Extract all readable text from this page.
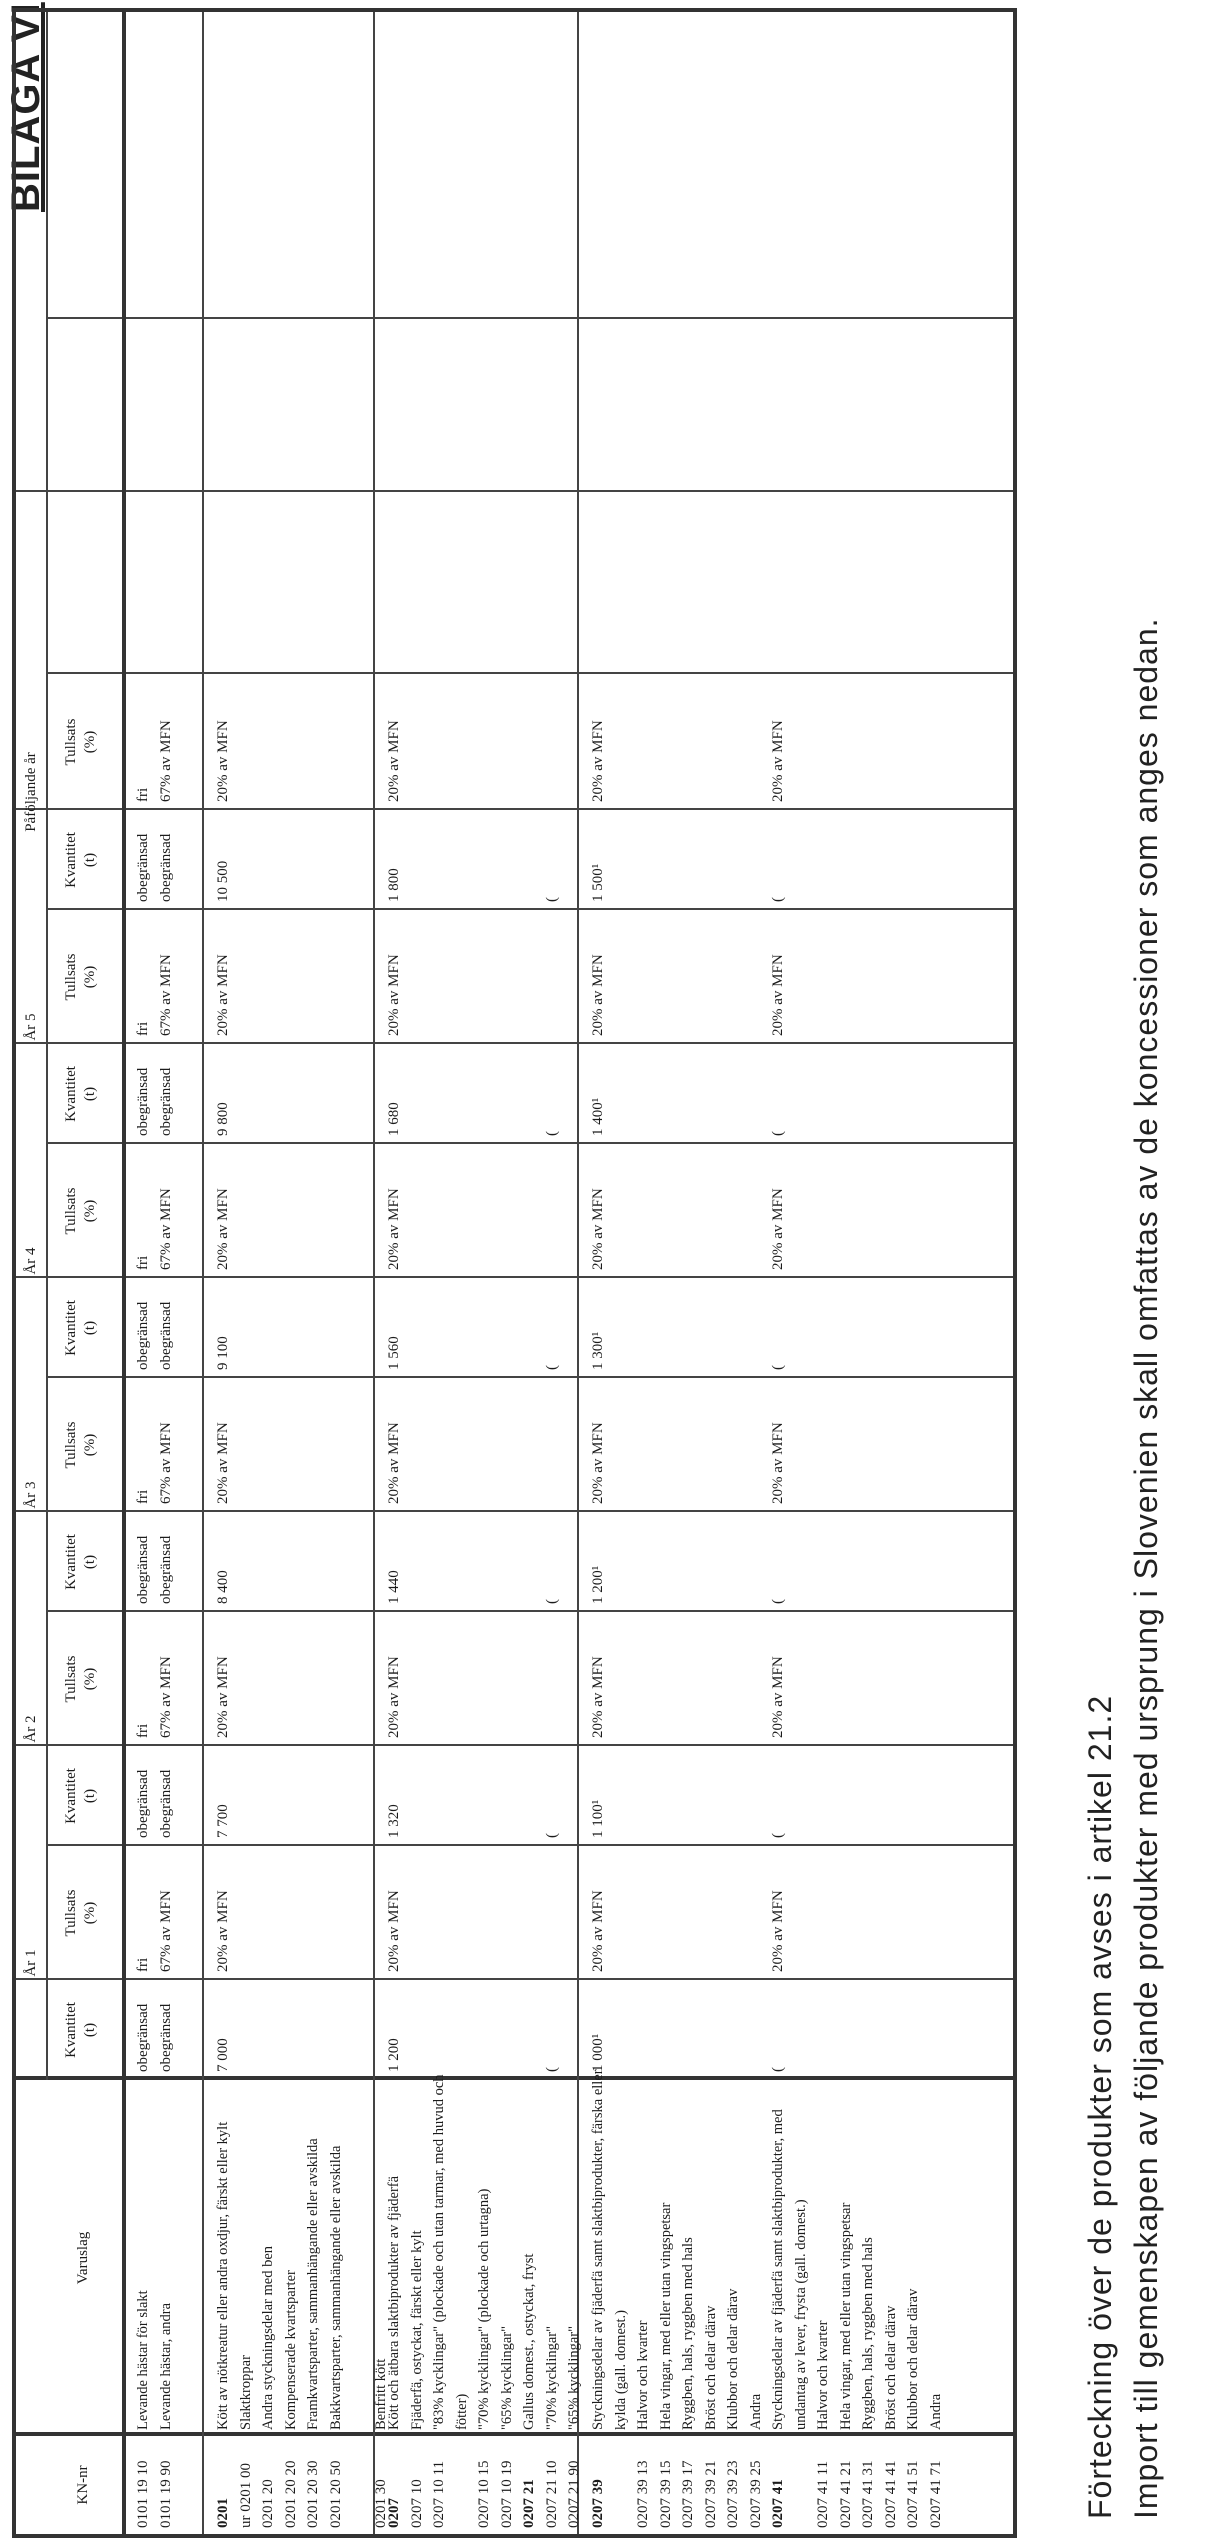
BILAGA VI
KN-nr
Varuslag
År 1
Kvantitet (t)
Tullsats (%)
År 2
Kvantitet (t)
Tullsats (%)
År 3
Kvantitet (t)
Tullsats (%)
År 4
Kvantitet (t)
Tullsats (%)
År 5
Kvantitet (t)
Tullsats (%)
Påföljande år
Kvantitet (t)
Tullsats (%)
0101 19 10 0101 19 90
Levande hästar för slakt Levande hästar, andra
obegränsad obegränsad
fri 67% av MFN
obegränsad obegränsad
fri 67% av MFN
obegränsad obegränsad
fri 67% av MFN
obegränsad obegränsad
fri 67% av MFN
obegränsad obegränsad
fri 67% av MFN
obegränsad obegränsad
fri 67% av MFN
0201 ur 0201 00 0201 20 0201 20 20 0201 20 30 0201 20 50 0201 30
Kött av nötkreatur eller andra oxdjur, färskt eller kylt Slaktkroppar Andra styckningsdelar med ben Kompenserade kvartsparter Framkvartsparter, sammanhängande eller avskilda Bakkvartsparter, sammanhängande eller avskilda Benfritt kött
7 000
20% av MFN
7 700
20% av MFN
8 400
20% av MFN
9 100
20% av MFN
9 800
20% av MFN
10 500
20% av MFN
0207 0207 10 0207 10 11 0207 10 15 0207 10 19 0207 21 0207 21 10 0207 21 90
Kött och ätbara slaktbiprodukter av fjäderfä Fjäderfä, ostyckat, färskt eller kylt "83% kycklingar" (plockade och utan tarmar, med huvud och fötter) "70% kycklingar" (plockade och urtagna) "65% kycklingar" Gallus domest., ostyckat, fryst "70% kycklingar" "65% kycklingar"
1 200
20% av MFN
(
1 320
20% av MFN
(
1 440
20% av MFN
(
1 560
20% av MFN
(
1 680
20% av MFN
(
1 800
20% av MFN
(
0207 39 0207 39 13 0207 39 15 0207 39 17 0207 39 21 0207 39 23 0207 39 25 0207 41 0207 41 11 0207 41 21 0207 41 31 0207 41 41 0207 41 51 0207 41 71
Styckningsdelar av fjäderfä samt slaktbiprodukter, färska eller kylda (gall. domest.) Halvor och kvarter Hela vingar, med eller utan vingspetsar Ryggben, hals, ryggben med hals Bröst och delar därav Klubbor och delar därav Andra Styckningsdelar av fjäderfä samt slaktbiprodukter, med undantag av lever, frysta (gall. domest.) Halvor och kvarter Hela vingar, med eller utan vingspetsar Ryggben, hals, ryggben med hals Bröst och delar därav Klubbor och delar därav Andra
1 000¹
20% av MFN
(
20% av MFN
1 100¹
20% av MFN
(
20% av MFN
1 200¹
20% av MFN
(
20% av MFN
1 300¹
20% av MFN
(
20% av MFN
1 400¹
20% av MFN
(
20% av MFN
1 500¹
20% av MFN
(
20% av MFN
Förteckning över de produkter som avses i artikel 21.2 Import till gemenskapen av följande produkter med ursprung i Slovenien skall omfattas av de koncessioner som anges nedan.
